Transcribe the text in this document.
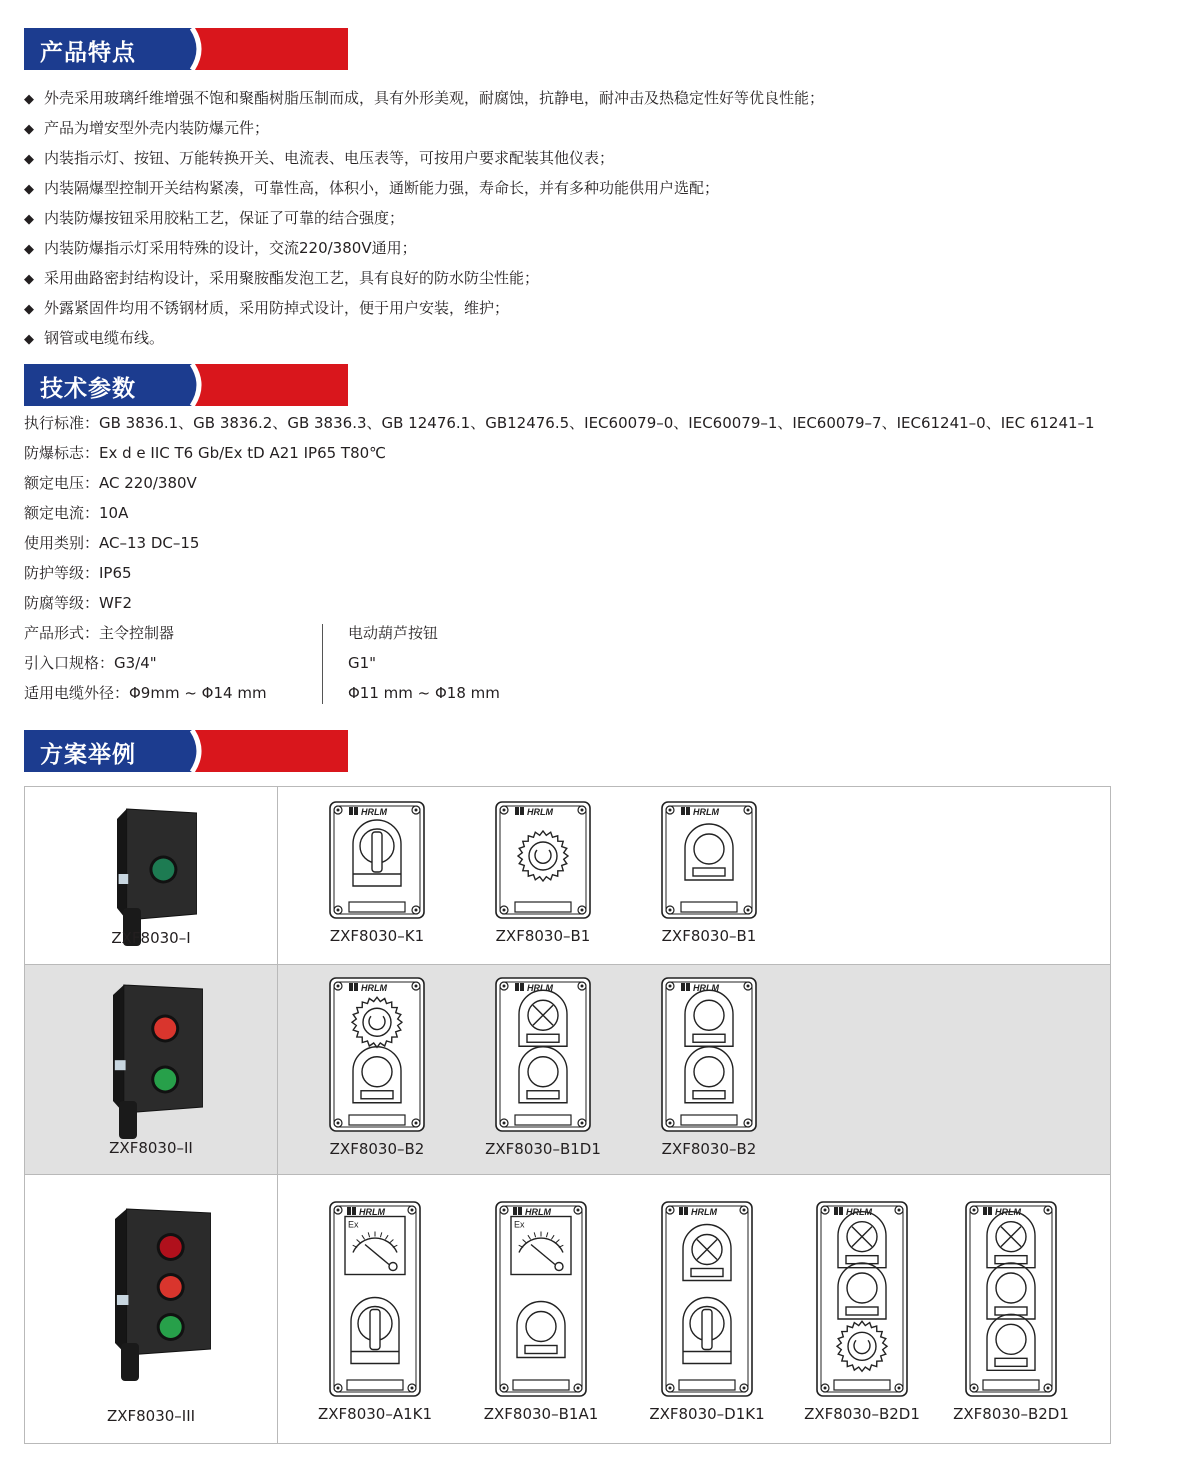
产品特点
◆ 外壳采用玻璃纤维增强不饱和聚酯树脂压制而成，具有外形美观，耐腐蚀，抗静电，耐冲击及热稳定性好等优良性能；
◆ 产品为增安型外壳内装防爆元件；
◆ 内装指示灯、按钮、万能转换开关、电流表、电压表等，可按用户要求配装其他仪表；
◆ 内装隔爆型控制开关结构紧凑，可靠性高，体积小，通断能力强，寿命长，并有多种功能供用户选配；
◆ 内装防爆按钮采用胶粘工艺，保证了可靠的结合强度；
◆ 内装防爆指示灯采用特殊的设计，交流220/380V通用；
◆ 采用曲路密封结构设计，采用聚胺酯发泡工艺，具有良好的防水防尘性能；
◆ 外露紧固件均用不锈钢材质，采用防掉式设计，便于用户安装，维护；
◆ 钢管或电缆布线。
技术参数
执行标准：GB 3836.1、GB 3836.2、GB 3836.3、GB 12476.1、GB12476.5、IEC60079–0、IEC60079–1、IEC60079–7、IEC61241–0、IEC 61241–1
防爆标志：Ex d e IIC T6 Gb/Ex tD A21 IP65 T80℃
额定电压：AC 220/380V
额定电流：10A
使用类别：AC–13 DC–15
防护等级：IP65
防腐等级：WF2
产品形式：主令控制器	电动葫芦按钮
引入口规格：G3/4"	G1"
适用电缆外径：Φ9mm ~ Φ14 mm	Φ11 mm ~ Φ18 mm
方案举例
ZXF8030–I
HRLM
ZXF8030–K1
HRLM
ZXF8030–B1
HRLM
ZXF8030–B1
ZXF8030–II
HRLM
ZXF8030–B2
HRLM
ZXF8030–B1D1
HRLM
ZXF8030–B2
ZXF8030–III
HRLM
Ex
ZXF8030–A1K1
HRLM
Ex
ZXF8030–B1A1
HRLM
ZXF8030–D1K1
HRLM
ZXF8030–B2D1
HRLM
ZXF8030–B2D1
